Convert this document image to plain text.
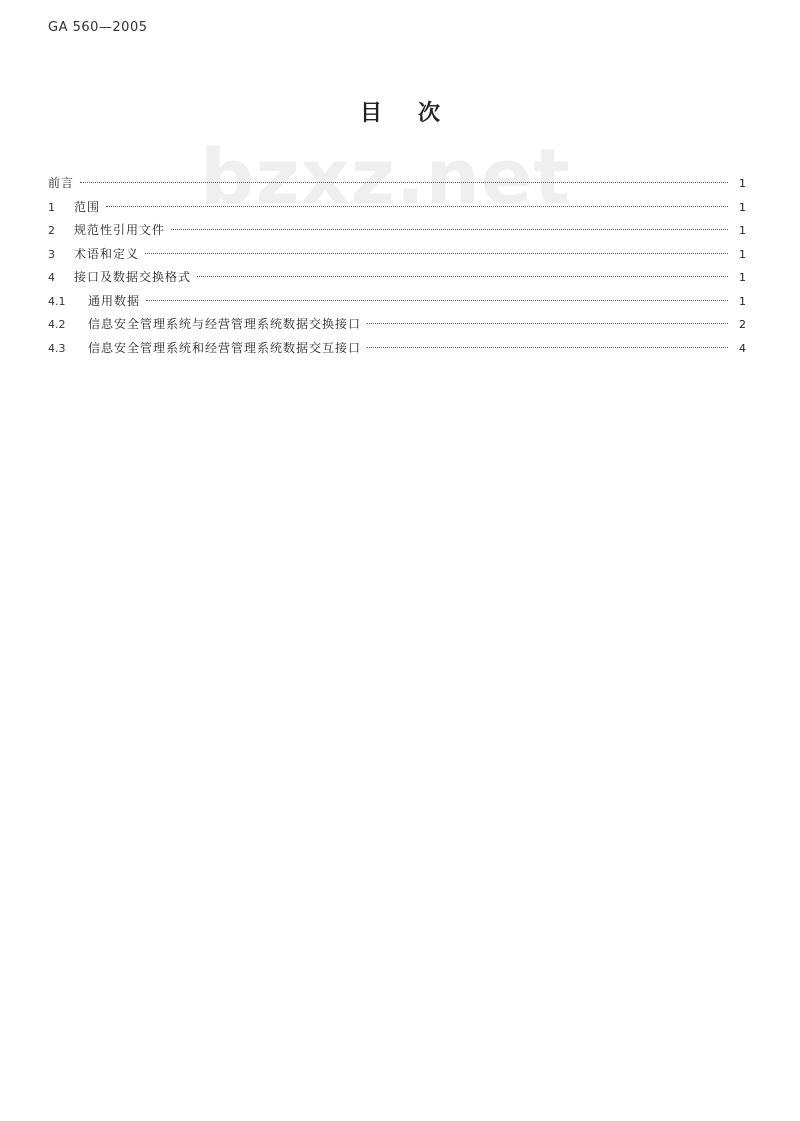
GA 560—2005
bzxz.net
目次
前言	1
1	范围	1
2	规范性引用文件	1
3	术语和定义	1
4	接口及数据交换格式	1
4.1	通用数据	1
4.2	信息安全管理系统与经营管理系统数据交换接口	2
4.3	信息安全管理系统和经营管理系统数据交互接口	4
